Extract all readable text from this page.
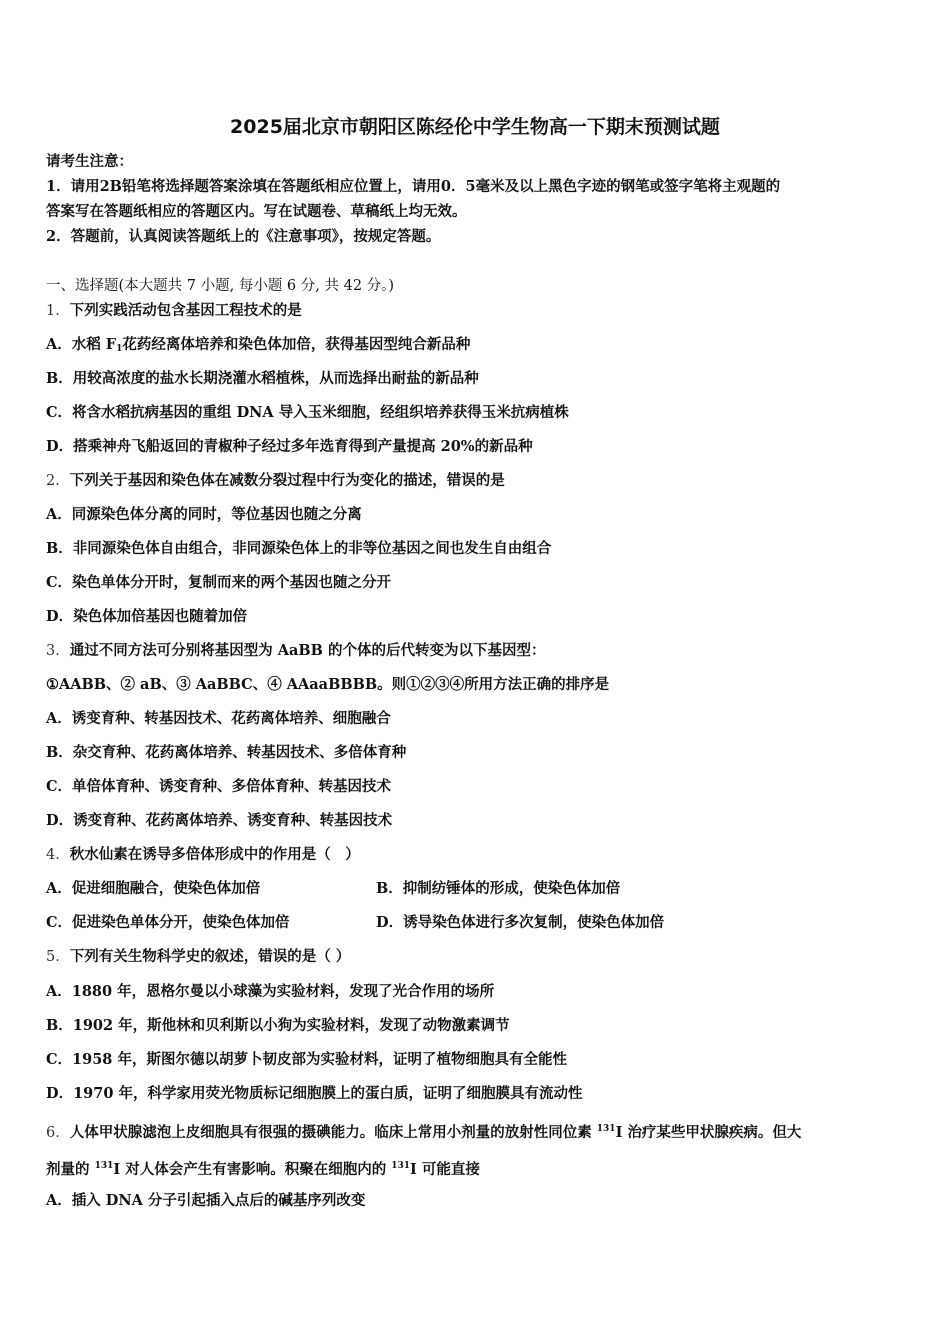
2025届北京市朝阳区陈经伦中学生物高一下期末预测试题
请考生注意：
1．请用2B铅笔将选择题答案涂填在答题纸相应位置上，请用0．5毫米及以上黑色字迹的钢笔或签字笔将主观题的
答案写在答题纸相应的答题区内。写在试题卷、草稿纸上均无效。
2．答题前，认真阅读答题纸上的《注意事项》，按规定答题。
一、选择题(本大题共 7 小题, 每小题 6 分, 共 42 分。)
1．下列实践活动包含基因工程技术的是
A．水稻 $F_1$花药经离体培养和染色体加倍，获得基因型纯合新品种
B．用较高浓度的盐水长期浇灌水稻植株，从而选择出耐盐的新品种
C．将含水稻抗病基因的重组 DNA 导入玉米细胞，经组织培养获得玉米抗病植株
D．搭乘神舟飞船返回的青椒种子经过多年选育得到产量提高 20%的新品种
2．下列关于基因和染色体在减数分裂过程中行为变化的描述，错误的是
A．同源染色体分离的同时，等位基因也随之分离
B．非同源染色体自由组合，非同源染色体上的非等位基因之间也发生自由组合
C．染色单体分开时，复制而来的两个基因也随之分开
D．染色体加倍基因也随着加倍
3．通过不同方法可分别将基因型为 AaBB 的个体的后代转变为以下基因型：
①AABB、② aB、③ AaBBC、④ AAaaBBBB。则①②③④所用方法正确的排序是
A．诱变育种、转基因技术、花药离体培养、细胞融合
B．杂交育种、花药离体培养、转基因技术、多倍体育种
C．单倍体育种、诱变育种、多倍体育种、转基因技术
D．诱变育种、花药离体培养、诱变育种、转基因技术
4．秋水仙素在诱导多倍体形成中的作用是（　）
A．促进细胞融合，使染色体加倍	B．抑制纺锤体的形成，使染色体加倍
C．促进染色单体分开，使染色体加倍	D．诱导染色体进行多次复制，使染色体加倍
5．下列有关生物科学史的叙述，错误的是（ ）
A．1880 年，恩格尔曼以小球藻为实验材料，发现了光合作用的场所
B．1902 年，斯他林和贝利斯以小狗为实验材料，发现了动物激素调节
C．1958 年，斯图尔德以胡萝卜韧皮部为实验材料，证明了植物细胞具有全能性
D．1970 年，科学家用荧光物质标记细胞膜上的蛋白质，证明了细胞膜具有流动性
6．人体甲状腺滤泡上皮细胞具有很强的摄碘能力。临床上常用小剂量的放射性同位素 $^{131}$I 治疗某些甲状腺疾病。但大
剂量的 $^{131}$I 对人体会产生有害影响。积聚在细胞内的 $^{131}$I 可能直接
A．插入 DNA 分子引起插入点后的碱基序列改变
